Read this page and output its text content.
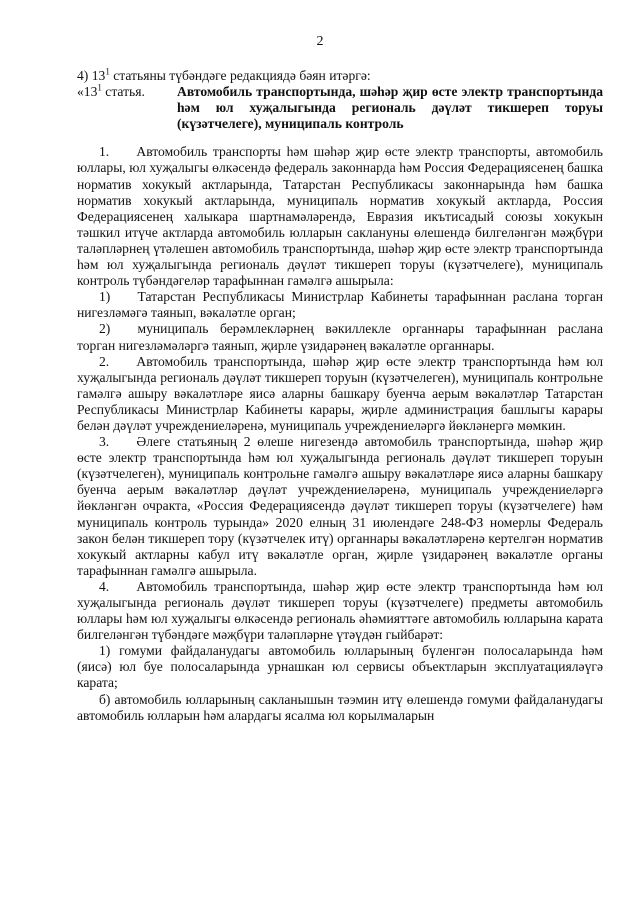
2

4) $13^1$ статьяны түбәндәге редакциядә бәян итәргә:

«$13^1$ статья.	Автомобиль транспортында, шәһәр җир өсте электр транспортында һәм юл хуҗалыгында региональ дәүләт тикшереп торуы (күзәтчелеге), муниципаль контроль

1.  Автомобиль транспорты һәм шәһәр җир өсте электр транспорты, автомобиль юллары, юл хуҗалыгы өлкәсендә федераль законнарда һәм Россия Федерациясенең башка норматив хокукый актларында, Татарстан Республикасы законнарында һәм башка норматив хокукый актларында, муниципаль норматив хокукый актларда, Россия Федерациясенең халыкара шартнамәләрендә, Евразия икътисадый союзы хокукын тәшкил итүче актларда автомобиль юлларын саклануны өлешендә билгеләнгән мәҗбүри таләпләрнең үтәлешен автомобиль транспортында, шәһәр җир өсте электр транспортында һәм юл хуҗалыгында региональ дәүләт тикшереп торуы (күзәтчелеге), муниципаль контроль түбәндәгеләр тарафыннан гамәлгә ашырыла:

1)  Татарстан Республикасы Министрлар Кабинеты тарафыннан раслана торган нигезләмәгә таянып, вәкаләтле орган;

2)  муниципаль берәмлекләрнең вәкиллекле органнары тарафыннан раслана торган нигезләмәләргә таянып, җирле үзидарәнең вәкаләтле органнары.

2.  Автомобиль транспортында, шәһәр җир өсте электр транспортында һәм юл хуҗалыгында региональ дәүләт тикшереп торуын (күзәтчелеген), муниципаль контрольне гамәлгә ашыру вәкаләтләре яисә аларны башкару буенча аерым вәкаләтләр Татарстан Республикасы Министрлар Кабинеты карары, җирле администрация башлыгы карары белән дәүләт учреждениеләренә, муниципаль учреждениеләргә йөкләнергә мөмкин.

3.  Әлеге статьяның 2 өлеше нигезендә автомобиль транспортында, шәһәр җир өсте электр транспортында һәм юл хуҗалыгында региональ дәүләт тикшереп торуын (күзәтчелеген), муниципаль контрольне гамәлгә ашыру вәкаләтләре яисә аларны башкару буенча аерым вәкаләтләр дәүләт учреждениеләренә, муниципаль учреждениеләргә йөкләнгән очракта, «Россия Федерациясендә дәүләт тикшереп торуы (күзәтчелеге) һәм муниципаль контроль турында» 2020 елның 31 июлендәге 248-ФЗ номерлы Федераль закон белән тикшереп тору (күзәтчелек итү) органнары вәкаләтләренә кертелгән норматив хокукый актларны кабул итү вәкаләтле орган, җирле үзидарәнең вәкаләтле органы тарафыннан гамәлгә ашырыла.

4.  Автомобиль транспортында, шәһәр җир өсте электр транспортында һәм юл хуҗалыгында региональ дәүләт тикшереп торуы (күзәтчелеге) предметы автомобиль юллары һәм юл хуҗалыгы өлкәсендә региональ әһәмияттәге автомобиль юлларына карата билгеләнгән түбәндәге мәҗбүри таләпләрне үтәүдән гыйбарәт:

1) гомуми файдаланудагы автомобиль юлларының бүленгән полосаларында һәм (яисә) юл буе полосаларында урнашкан юл сервисы объектларын эксплуатацияләүгә карата;

б) автомобиль юлларының сакланышын тәэмин итү өлешендә гомуми файдаланудагы автомобиль юлларын һәм алардагы ясалма юл корылмаларын
